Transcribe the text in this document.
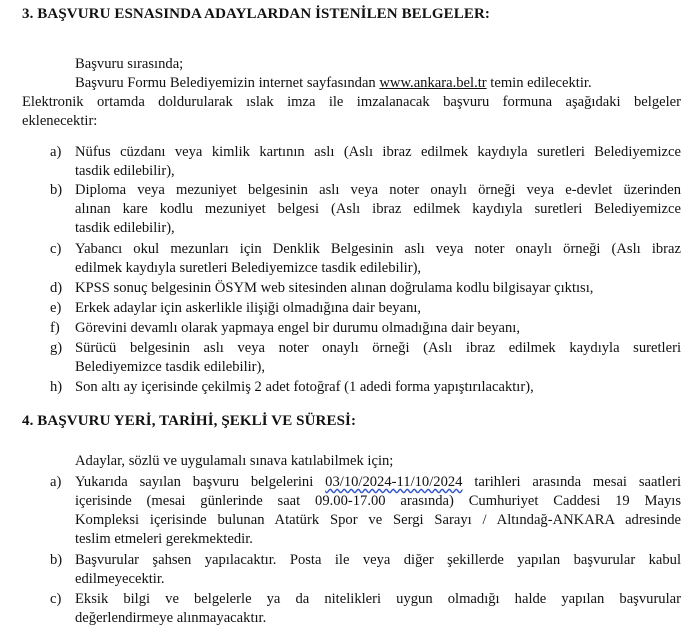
3. BAŞVURU ESNASINDA ADAYLARDAN İSTENİLEN BELGELER:
Başvuru sırasında;
Başvuru Formu Belediyemizin internet sayfasından www.ankara.bel.tr temin edilecektir.
Elektronik ortamda doldurularak ıslak imza ile imzalanacak başvuru formuna aşağıdaki belgeler
eklenecektir:
a) Nüfus cüzdanı veya kimlik kartının aslı (Aslı ibraz edilmek kaydıyla suretleri Belediyemizce
tasdik edilebilir),
b) Diploma veya mezuniyet belgesinin aslı veya noter onaylı örneği veya e-devlet üzerinden
alınan kare kodlu mezuniyet belgesi (Aslı ibraz edilmek kaydıyla suretleri Belediyemizce
tasdik edilebilir),
c) Yabancı okul mezunları için Denklik Belgesinin aslı veya noter onaylı örneği (Aslı ibraz
edilmek kaydıyla suretleri Belediyemizce tasdik edilebilir),
d) KPSS sonuç belgesinin ÖSYM web sitesinden alınan doğrulama kodlu bilgisayar çıktısı,
e) Erkek adaylar için askerlikle ilişiği olmadığına dair beyanı,
f) Görevini devamlı olarak yapmaya engel bir durumu olmadığına dair beyanı,
g) Sürücü belgesinin aslı veya noter onaylı örneği (Aslı ibraz edilmek kaydıyla suretleri
Belediyemizce tasdik edilebilir),
h) Son altı ay içerisinde çekilmiş 2 adet fotoğraf (1 adedi forma yapıştırılacaktır),
4. BAŞVURU YERİ, TARİHİ, ŞEKLİ VE SÜRESİ:
Adaylar, sözlü ve uygulamalı sınava katılabilmek için;
a) Yukarıda sayılan başvuru belgelerini 03/10/2024-11/10/2024 tarihleri arasında mesai saatleri
içerisinde (mesai günlerinde saat 09.00-17.00 arasında) Cumhuriyet Caddesi 19 Mayıs
Kompleksi içerisinde bulunan Atatürk Spor ve Sergi Sarayı / Altındağ-ANKARA adresinde
teslim etmeleri gerekmektedir.
b) Başvurular şahsen yapılacaktır. Posta ile veya diğer şekillerde yapılan başvurular kabul
edilmeyecektir.
c) Eksik bilgi ve belgelerle ya da nitelikleri uygun olmadığı halde yapılan başvurular
değerlendirmeye alınmayacaktır.
